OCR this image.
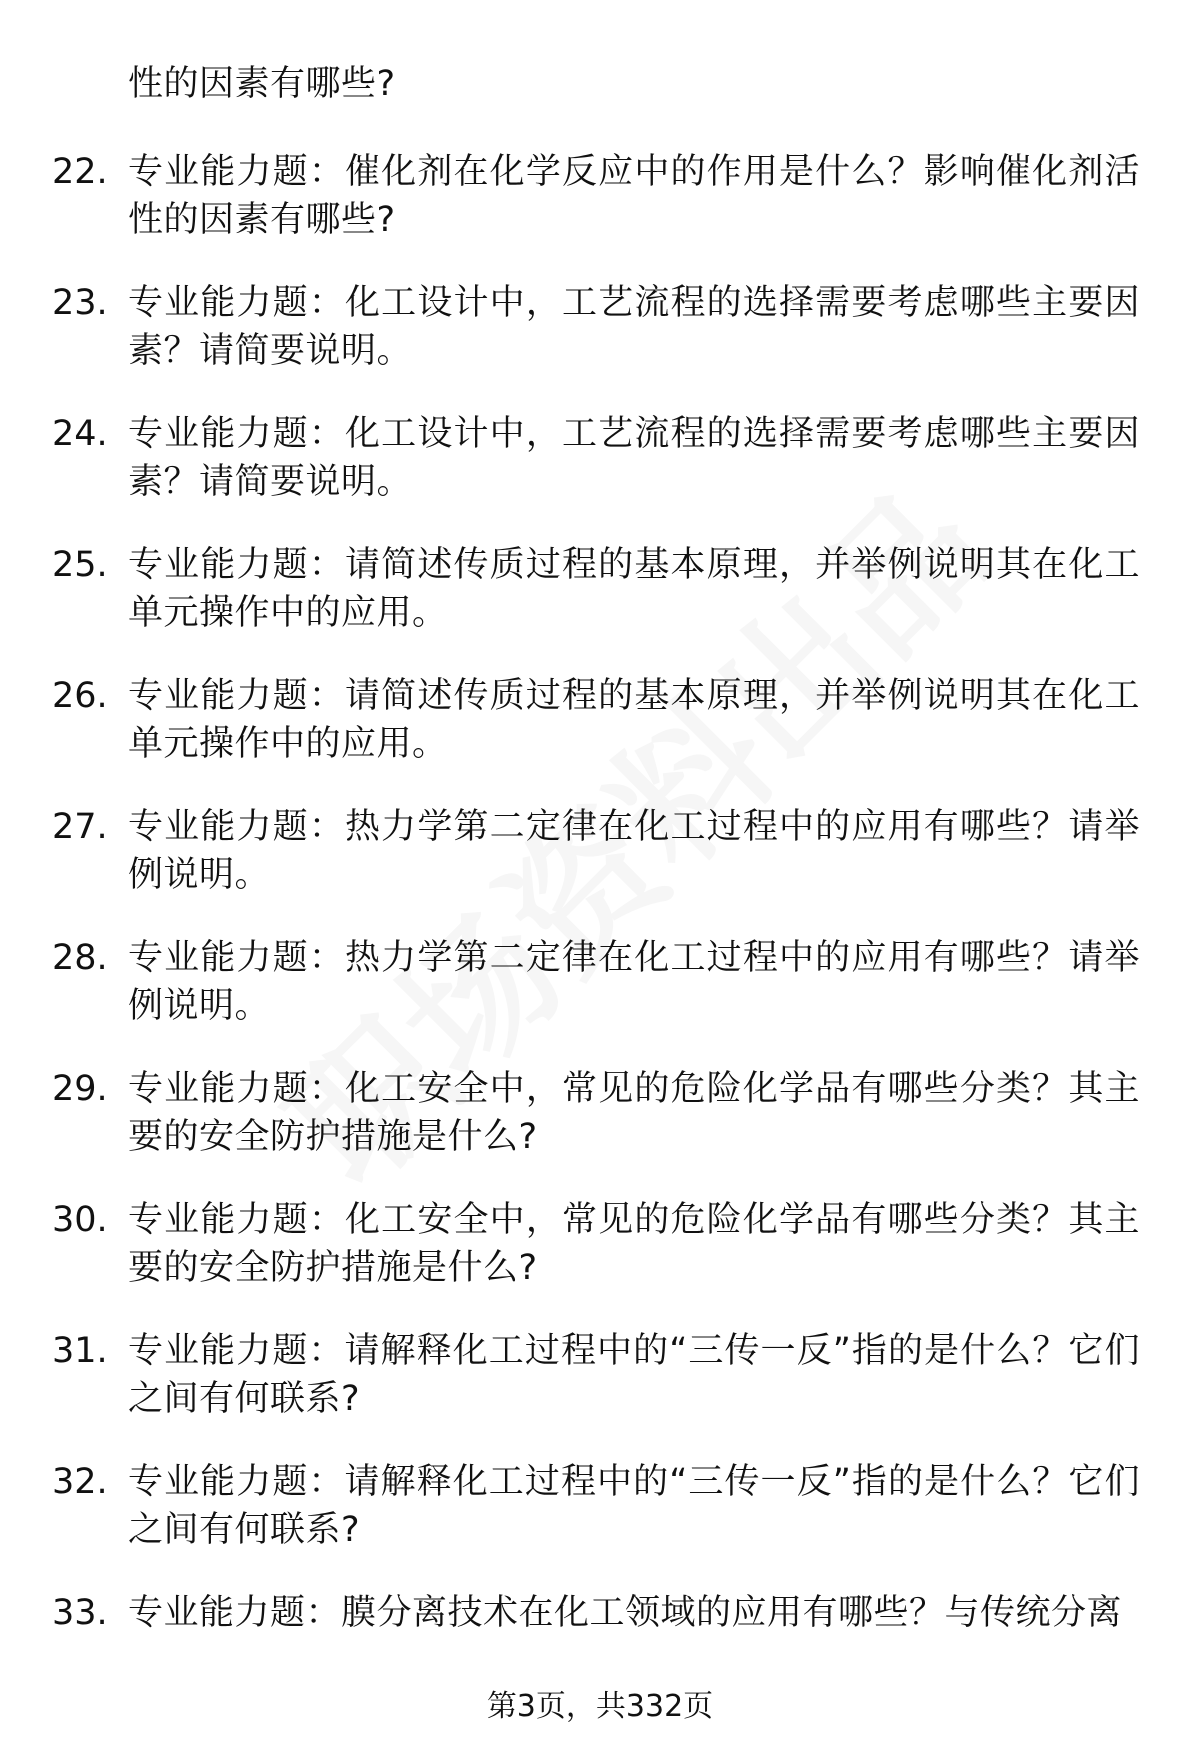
性的因素有哪些?
22. 专业能力题：催化剂在化学反应中的作用是什么？影响催化剂活性的因素有哪些?
23. 专业能力题：化工设计中，工艺流程的选择需要考虑哪些主要因素？请简要说明。
24. 专业能力题：化工设计中，工艺流程的选择需要考虑哪些主要因素？请简要说明。
25. 专业能力题：请简述传质过程的基本原理，并举例说明其在化工单元操作中的应用。
26. 专业能力题：请简述传质过程的基本原理，并举例说明其在化工单元操作中的应用。
27. 专业能力题：热力学第二定律在化工过程中的应用有哪些？请举例说明。
28. 专业能力题：热力学第二定律在化工过程中的应用有哪些？请举例说明。
29. 专业能力题：化工安全中，常见的危险化学品有哪些分类？其主要的安全防护措施是什么?
30. 专业能力题：化工安全中，常见的危险化学品有哪些分类？其主要的安全防护措施是什么?
31. 专业能力题：请解释化工过程中的“三传一反”指的是什么？它们之间有何联系?
32. 专业能力题：请解释化工过程中的“三传一反”指的是什么？它们之间有何联系?
33. 专业能力题：膜分离技术在化工领域的应用有哪些？与传统分离
第3页，共332页
